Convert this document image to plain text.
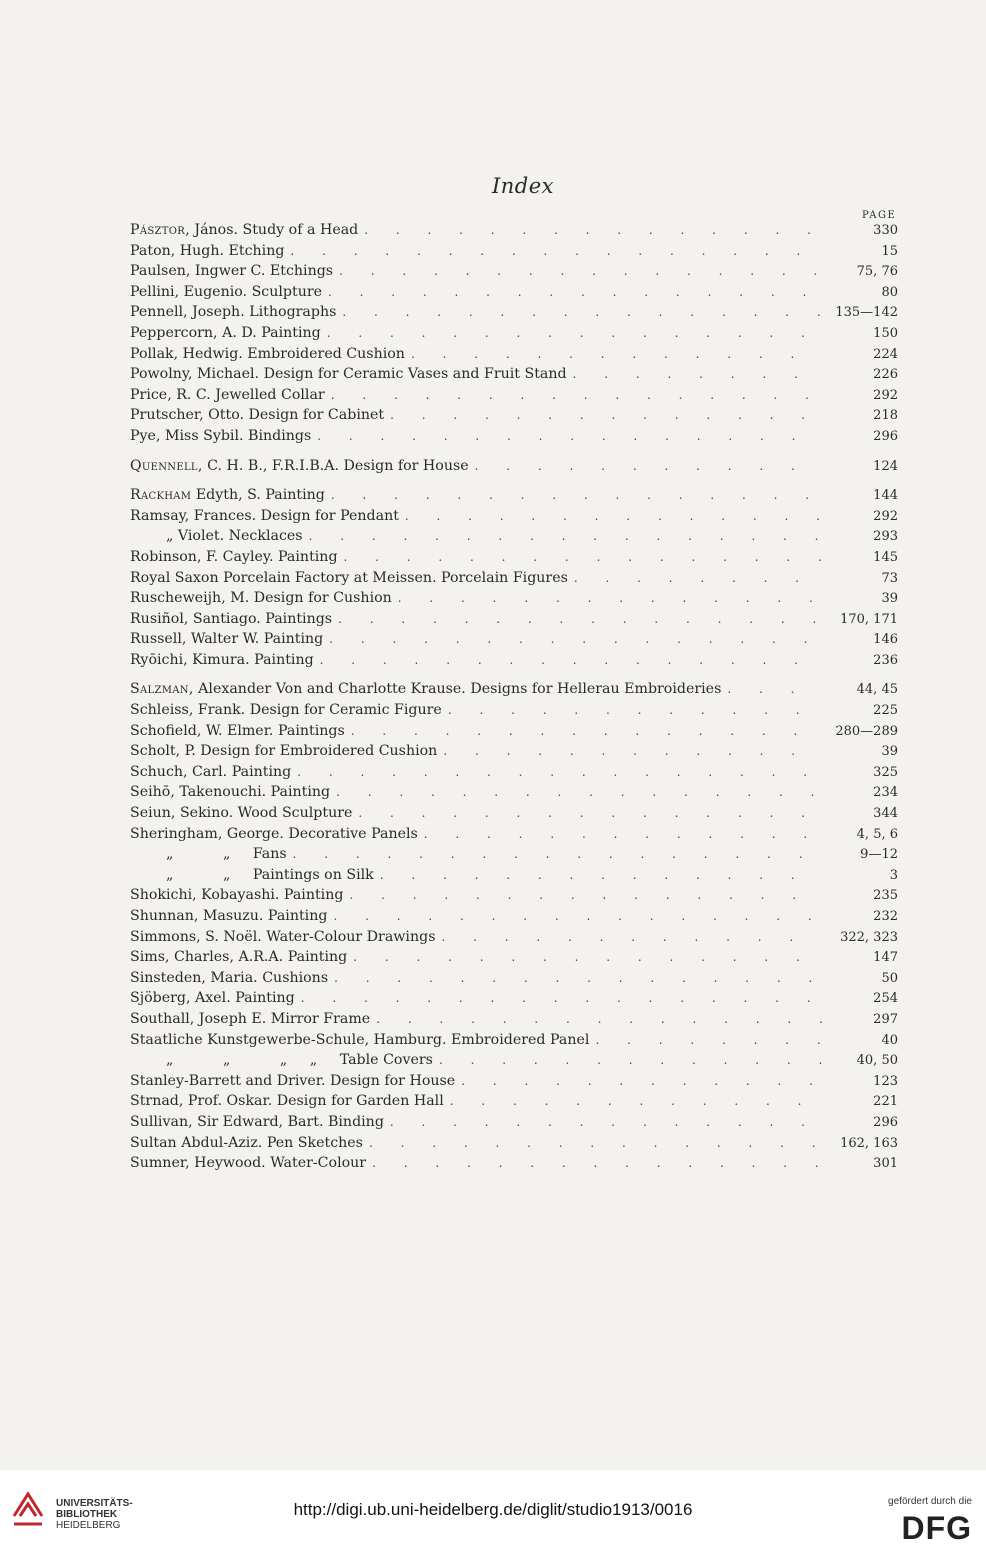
Index
PAGE
Pásztor, János. Study of a Head . . .	330
Paton, Hugh. Etching . . .	15
Paulsen, Ingwer C. Etchings . . .	75, 76
Pellini, Eugenio. Sculpture . . .	80
Pennell, Joseph. Lithographs . . .	135—142
Peppercorn, A. D. Painting . . .	150
Pollak, Hedwig. Embroidered Cushion . . .	224
Powolny, Michael. Design for Ceramic Vases and Fruit Stand . . .	226
Price, R. C. Jewelled Collar . . .	292
Prutscher, Otto. Design for Cabinet . . .	218
Pye, Miss Sybil. Bindings . . .	296
Quennell, C. H. B., F.R.I.B.A. Design for House . . .	124
Rackham Edyth, S. Painting . . .	144
Ramsay, Frances. Design for Pendant . . .	292
„ Violet. Necklaces . . .	293
Robinson, F. Cayley. Painting . . .	145
Royal Saxon Porcelain Factory at Meissen. Porcelain Figures . . .	73
Ruscheweijh, M. Design for Cushion . . .	39
Rusiñol, Santiago. Paintings . . .	170, 171
Russell, Walter W. Painting . . .	146
Ryōichi, Kimura. Painting . . .	236
Salzman, Alexander Von and Charlotte Krause. Designs for Hellerau Embroideries . . .	44, 45
Schleiss, Frank. Design for Ceramic Figure . . .	225
Schofield, W. Elmer. Paintings . . .	280—289
Scholt, P. Design for Embroidered Cushion . . .	39
Schuch, Carl. Painting . . .	325
Seihō, Takenouchi. Painting . . .	234
Seiun, Sekino. Wood Sculpture . . .	344
Sheringham, George. Decorative Panels . . .	4, 5, 6
„           „     Fans . . .	9—12
„           „     Paintings on Silk . . .	3
Shokichi, Kobayashi. Painting . . .	235
Shunnan, Masuzu. Painting . . .	232
Simmons, S. Noël. Water-Colour Drawings . . .	322, 323
Sims, Charles, A.R.A. Painting . . .	147
Sinsteden, Maria. Cushions . . .	50
Sjöberg, Axel. Painting . . .	254
Southall, Joseph E. Mirror Frame . . .	297
Staatliche Kunstgewerbe-Schule, Hamburg. Embroidered Panel . . .	40
„           „           „     „     Table Covers . . .	40, 50
Stanley-Barrett and Driver. Design for House . . .	123
Strnad, Prof. Oskar. Design for Garden Hall . . .	221
Sullivan, Sir Edward, Bart. Binding . . .	296
Sultan Abdul-Aziz. Pen Sketches . . .	162, 163
Sumner, Heywood. Water-Colour . . .	301
UNIVERSITÄTS-
BIBLIOTHEK
HEIDELBERG
http://digi.ub.uni-heidelberg.de/diglit/studio1913/0016	gefördert durch die
DFG
